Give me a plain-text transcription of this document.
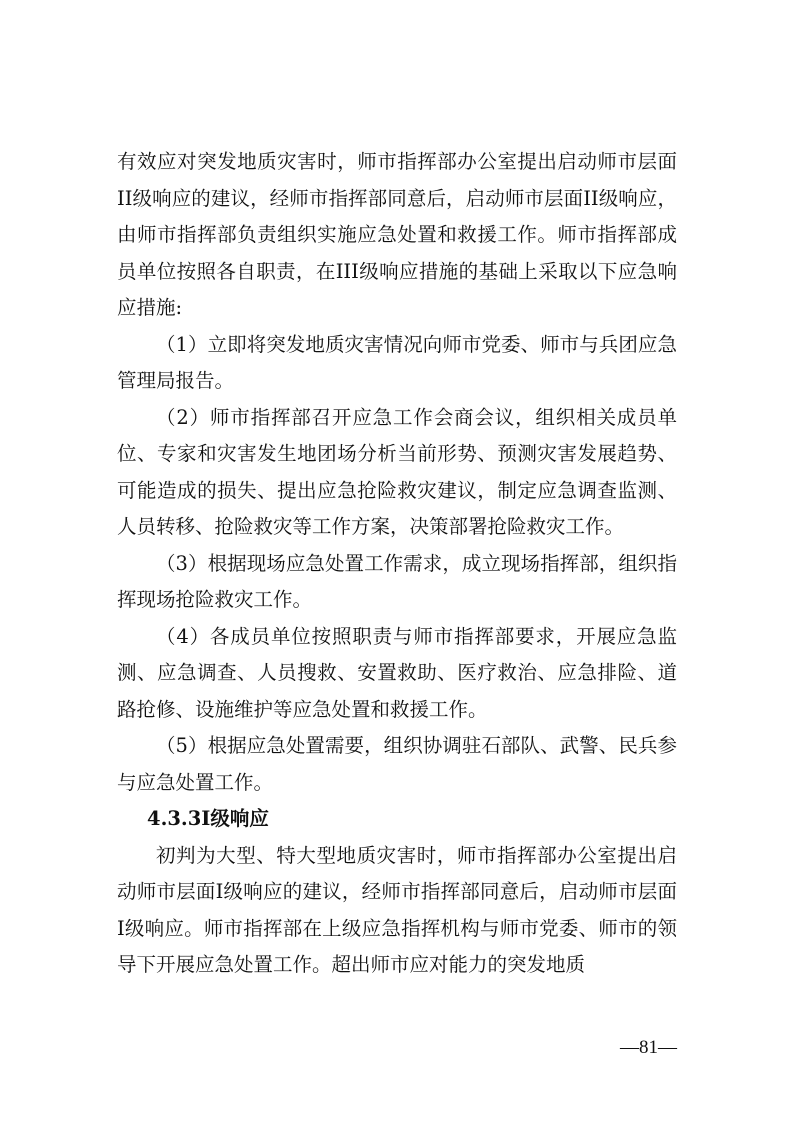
有效应对突发地质灾害时，师市指挥部办公室提出启动师市层面II级响应的建议，经师市指挥部同意后，启动师市层面II级响应，由师市指挥部负责组织实施应急处置和救援工作。师市指挥部成员单位按照各自职责，在III级响应措施的基础上采取以下应急响应措施:

（1）立即将突发地质灾害情况向师市党委、师市与兵团应急管理局报告。

（2）师市指挥部召开应急工作会商会议，组织相关成员单位、专家和灾害发生地团场分析当前形势、预测灾害发展趋势、可能造成的损失、提出应急抢险救灾建议，制定应急调查监测、人员转移、抢险救灾等工作方案，决策部署抢险救灾工作。

（3）根据现场应急处置工作需求，成立现场指挥部，组织指挥现场抢险救灾工作。

（4）各成员单位按照职责与师市指挥部要求，开展应急监测、应急调查、人员搜救、安置救助、医疗救治、应急排险、道路抢修、设施维护等应急处置和救援工作。

（5）根据应急处置需要，组织协调驻石部队、武警、民兵参与应急处置工作。

4.3.3I级响应

初判为大型、特大型地质灾害时，师市指挥部办公室提出启动师市层面I级响应的建议，经师市指挥部同意后，启动师市层面I级响应。师市指挥部在上级应急指挥机构与师市党委、师市的领导下开展应急处置工作。超出师市应对能力的突发地质

—81—
